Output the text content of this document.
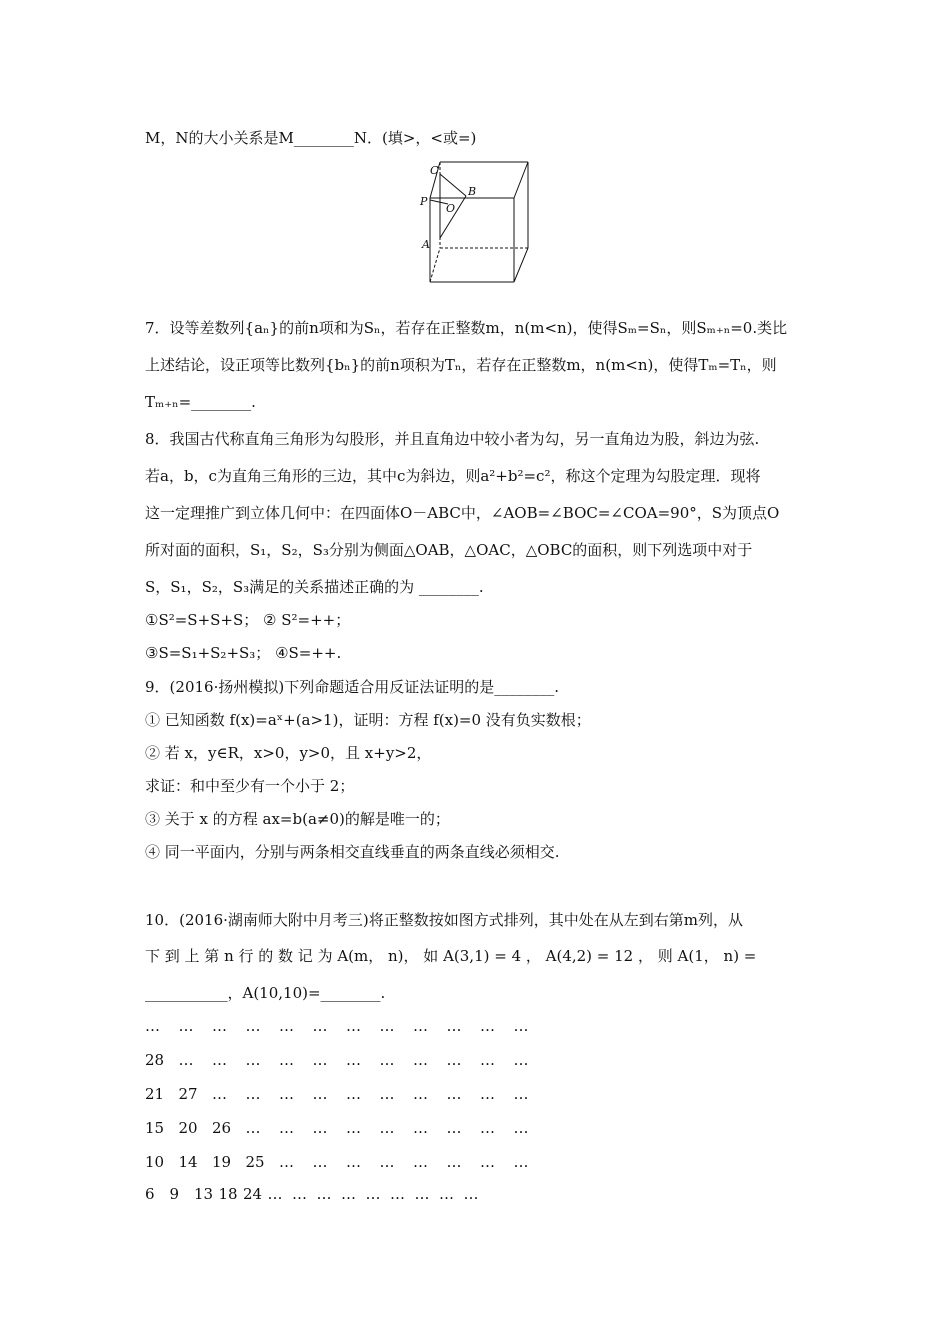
M，N的大小关系是M________N．(填>，<或=)
C
B
P
O
A
7．设等差数列{aₙ}的前n项和为Sₙ，若存在正整数m，n(m<n)，使得Sₘ=Sₙ，则Sₘ₊ₙ=0.类比
上述结论，设正项等比数列{bₙ}的前n项积为Tₙ，若存在正整数m，n(m<n)，使得Tₘ=Tₙ，则
Tₘ₊ₙ=________.
8．我国古代称直角三角形为勾股形，并且直角边中较小者为勾，另一直角边为股，斜边为弦.
若a，b，c为直角三角形的三边，其中c为斜边，则a²+b²=c²，称这个定理为勾股定理．现将
这一定理推广到立体几何中：在四面体O－ABC中，∠AOB=∠BOC=∠COA=90°，S为顶点O
所对面的面积，S₁，S₂，S₃分别为侧面△OAB，△OAC，△OBC的面积，则下列选项中对于
S，S₁，S₂，S₃满足的关系描述正确的为 ________.
①S²=S+S+S； ② S²=++；
③S=S₁+S₂+S₃； ④S=++.
9．(2016·扬州模拟)下列命题适合用反证法证明的是________.
① 已知函数 f(x)=aˣ+(a>1)，证明：方程 f(x)=0 没有负实数根；
② 若 x，y∈R，x>0，y>0，且 x+y>2，
求证：和中至少有一个小于 2；
③ 关于 x 的方程 ax=b(a≠0)的解是唯一的；
④ 同一平面内，分别与两条相交直线垂直的两条直线必须相交.
10．(2016·湖南师大附中月考三)将正整数按如图方式排列，其中处在从左到右第m列，从
下 到 上 第 n 行 的 数 记 为 A(m， n)， 如 A(3,1) = 4 ， A(4,2) = 12 ， 则 A(1， n) =
___________，A(10,10)=________.
… … … … … … … … … … … …
28 … … … … … … … … … … …
21 27 … … … … … … … … … …
15 20 26 … … … … … … … … …
10 14 19 25 … … … … … … … …
6 9 13 18 24 … … … … … … … … …
